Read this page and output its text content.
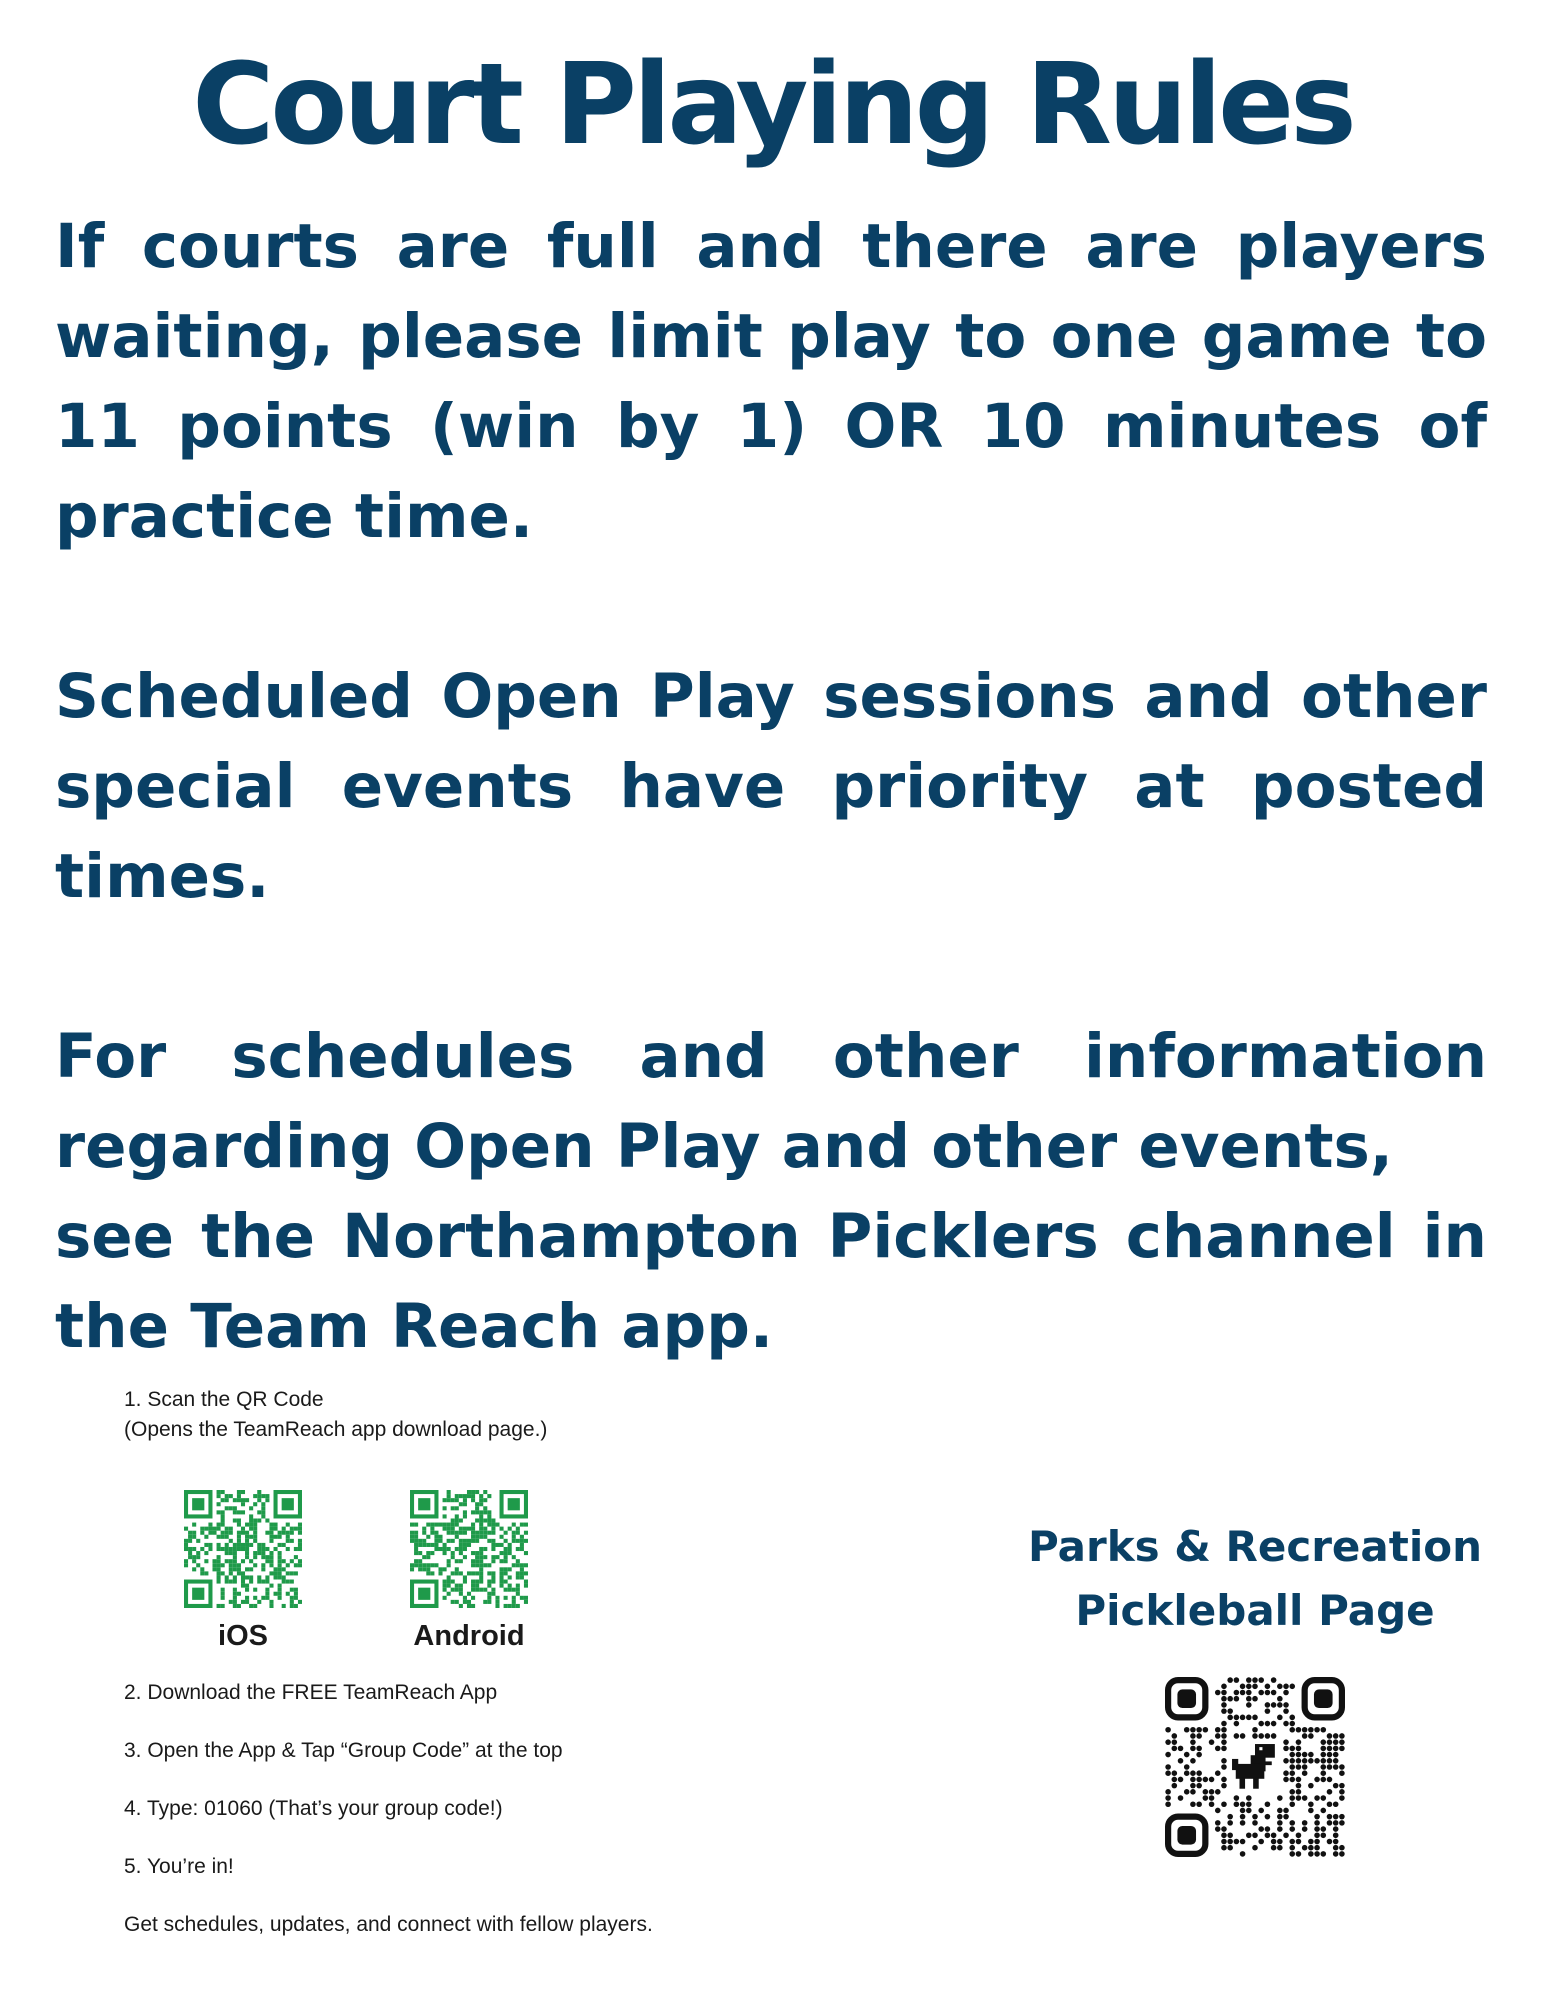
Court Playing Rules
If courts are full and there are players
waiting, please limit play to one game to
11 points (win by 1) OR 10 minutes of
practice time.
Scheduled Open Play sessions and other
special events have priority at posted
times.
For schedules and other information
regarding Open Play and other events,
see the Northampton Picklers channel in
the Team Reach app.
1. Scan the QR Code
(Opens the TeamReach app download page.)
iOS	Android
2. Download the FREE TeamReach App
3. Open the App & Tap “Group Code” at the top
4. Type: 01060 (That’s your group code!)
5. You’re in!
Get schedules, updates, and connect with fellow players.
Parks & Recreation
Pickleball Page
